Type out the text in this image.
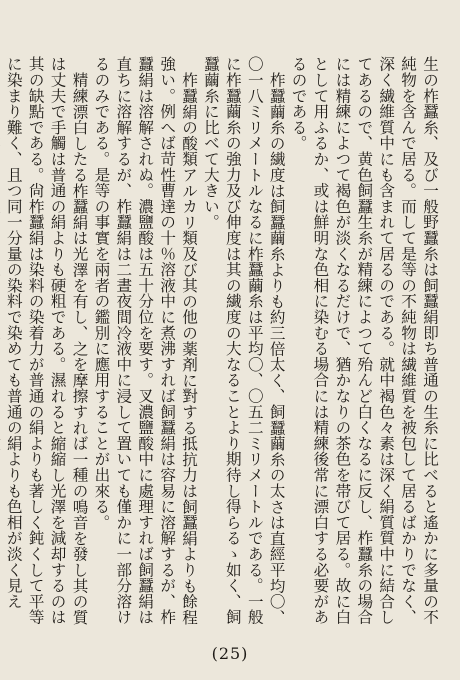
生の柞蠶糸、及び一般野蠶糸は飼蠶絹即ち普通の生糸に比べると遙かに多量の不純物を含んで居る。而して是等の不純物は繊維質を被包して居るばかりでなく、深く繊維質中にも含まれて居るのである。就中褐色々素は深く絹質質中に結合してあるので、黄色飼蠶生糸が精練によつて殆んど白くなるに反し、柞蠶糸の場合には精練によつて褐色が淡くなるだけで、猶かなりの茶色を帯びて居る。故に白として用ふるか、或は鮮明な色相に染むる場合には精練後常に漂白する必要があるのである。

柞蠶繭糸の繊度は飼蠶繭糸よりも約三倍太く、飼蠶繭糸の太さは直經平均〇、〇一八ミリメートルなるに柞蠶繭糸は平均〇、〇五二ミリメートルである。一般に柞蠶繭糸の強力及び伸度は其の繊度の大なることより期待し得らるゝ如く、飼蠶繭糸に比べて大きい。

柞蠶絹の酸類アルカリ類及び其の他の薬剤に對する抵抗力は飼蠶絹よりも餘程強い。例へば苛性曹達の十％溶液中に煮沸すれば飼蠶絹は容易に溶解するが、柞蠶絹は溶解されぬ。濃鹽酸は五十分位を要す。叉濃鹽酸中に處理すれば飼蠶絹は直ちに溶解するが、柞蠶絹は二晝夜間冷液中に浸して置いても僅かに一部分溶けるのみである。是等の事實を兩者の鑑別に應用することが出來る。

精練漂白したる柞蠶絹は光澤を有し、之を摩擦すれば一種の鳴音を發し其の質は丈夫で手觸は普通の絹よりも硬粗である。濕れると縮縮し光澤を減却するのは其の缺點である。尙柞蠶絹は染料の染着力が普通の絹よりも著しく鈍くして平等に染まり難く、且つ同一分量の染料で染めても普通の絹よりも色相が淡く見え

(25)
